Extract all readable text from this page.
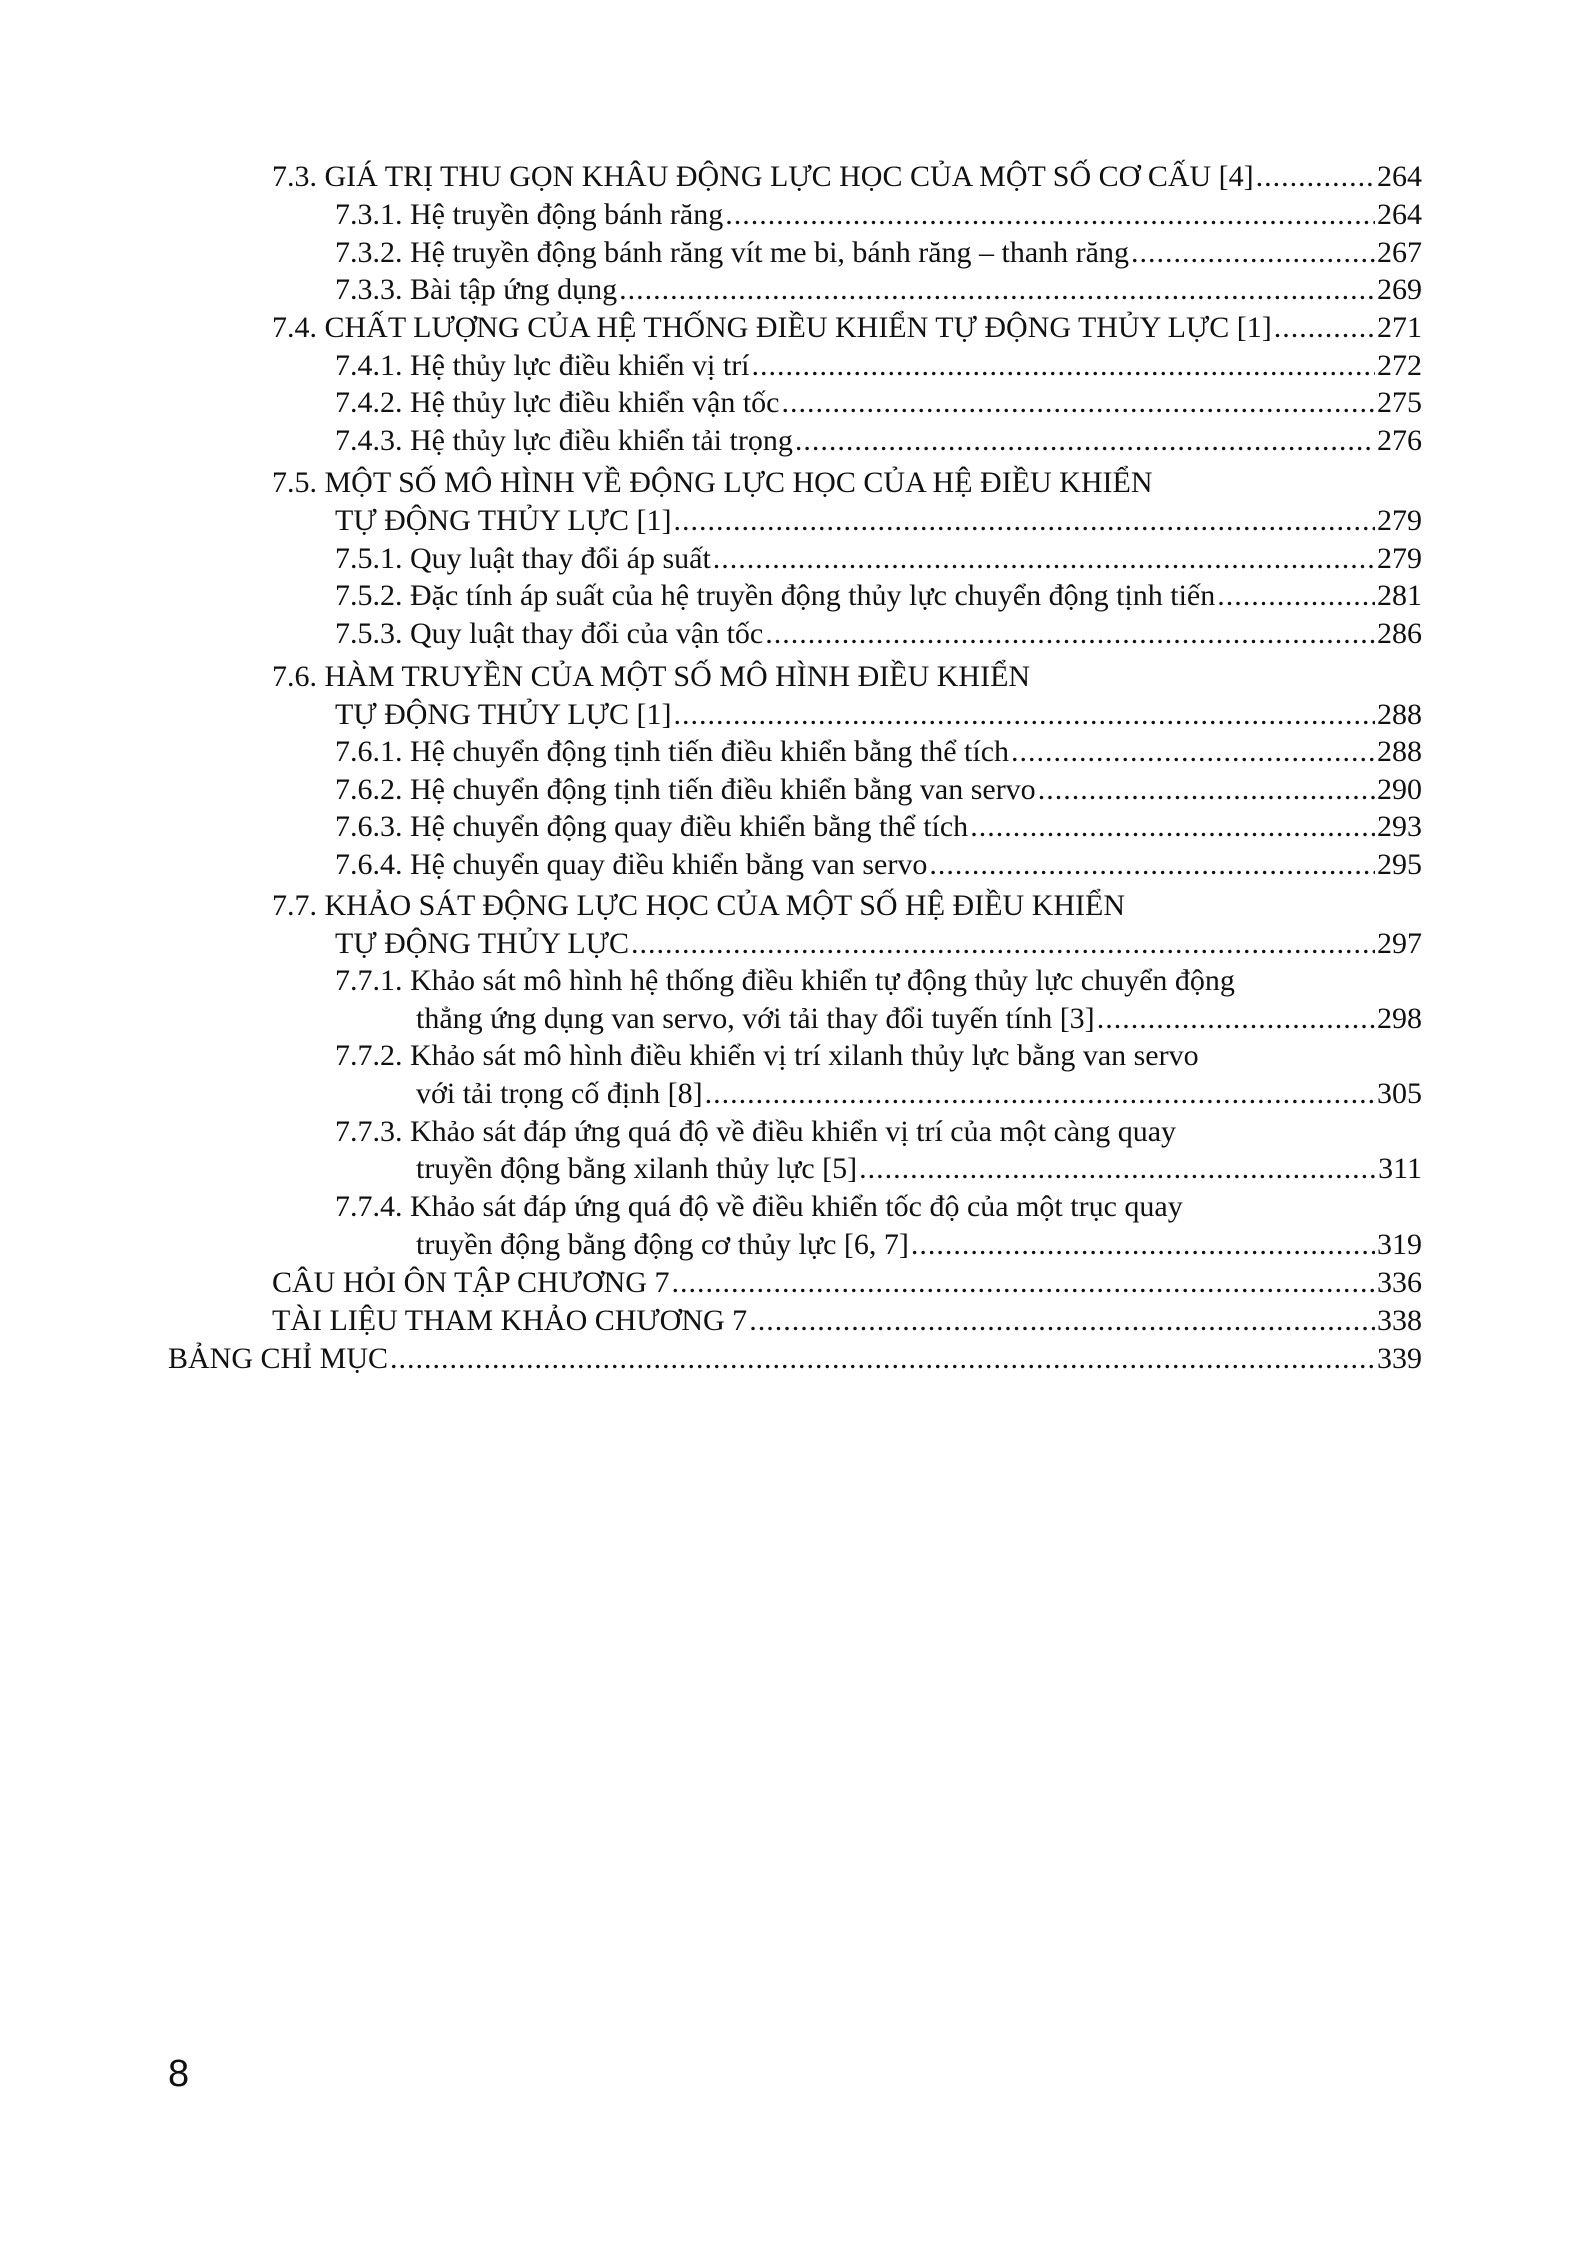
7.3. GIÁ TRỊ THU GỌN KHÂU ĐỘNG LỰC HỌC CỦA MỘT SỐ CƠ CẤU [4] .....	264
7.3.1. Hệ truyền động bánh răng .....	264
7.3.2. Hệ truyền động bánh răng vít me bi, bánh răng – thanh răng .....	267
7.3.3. Bài tập ứng dụng .....	269
7.4. CHẤT LƯỢNG CỦA HỆ THỐNG ĐIỀU KHIỂN TỰ ĐỘNG THỦY LỰC [1] .....	271
7.4.1. Hệ thủy lực điều khiển vị trí .....	272
7.4.2. Hệ thủy lực điều khiển vận tốc .....	275
7.4.3. Hệ thủy lực điều khiển tải trọng .....	276
7.5. MỘT SỐ MÔ HÌNH VỀ ĐỘNG LỰC HỌC CỦA HỆ ĐIỀU KHIỂN
TỰ ĐỘNG THỦY LỰC [1] .....	279
7.5.1. Quy luật thay đổi áp suất .....	279
7.5.2. Đặc tính áp suất của hệ truyền động thủy lực chuyển động tịnh tiến .....	281
7.5.3. Quy luật thay đổi của vận tốc .....	286
7.6. HÀM TRUYỀN CỦA MỘT SỐ MÔ HÌNH ĐIỀU KHIỂN
TỰ ĐỘNG THỦY LỰC [1] .....	288
7.6.1. Hệ chuyển động tịnh tiến điều khiển bằng thể tích .....	288
7.6.2. Hệ chuyển động tịnh tiến điều khiển bằng van servo .....	290
7.6.3. Hệ chuyển động quay điều khiển bằng thể tích .....	293
7.6.4. Hệ chuyển quay điều khiển bằng van servo .....	295
7.7. KHẢO SÁT ĐỘNG LỰC HỌC CỦA MỘT SỐ HỆ ĐIỀU KHIỂN
TỰ ĐỘNG THỦY LỰC .....	297
7.7.1. Khảo sát mô hình hệ thống điều khiển tự động thủy lực chuyển động
thẳng ứng dụng van servo, với tải thay đổi tuyến tính [3] .....	298
7.7.2. Khảo sát mô hình điều khiển vị trí xilanh thủy lực bằng van servo
với tải trọng cố định [8] .....	305
7.7.3. Khảo sát đáp ứng quá độ về điều khiển vị trí của một càng quay
truyền động bằng xilanh thủy lực [5] .....	311
7.7.4. Khảo sát đáp ứng quá độ về điều khiển tốc độ của một trục quay
truyền động bằng động cơ thủy lực [6, 7] .....	319
CÂU HỎI ÔN TẬP CHƯƠNG 7 .....	336
TÀI LIỆU THAM KHẢO CHƯƠNG 7 .....	338
BẢNG CHỈ MỤC .....	339
8
